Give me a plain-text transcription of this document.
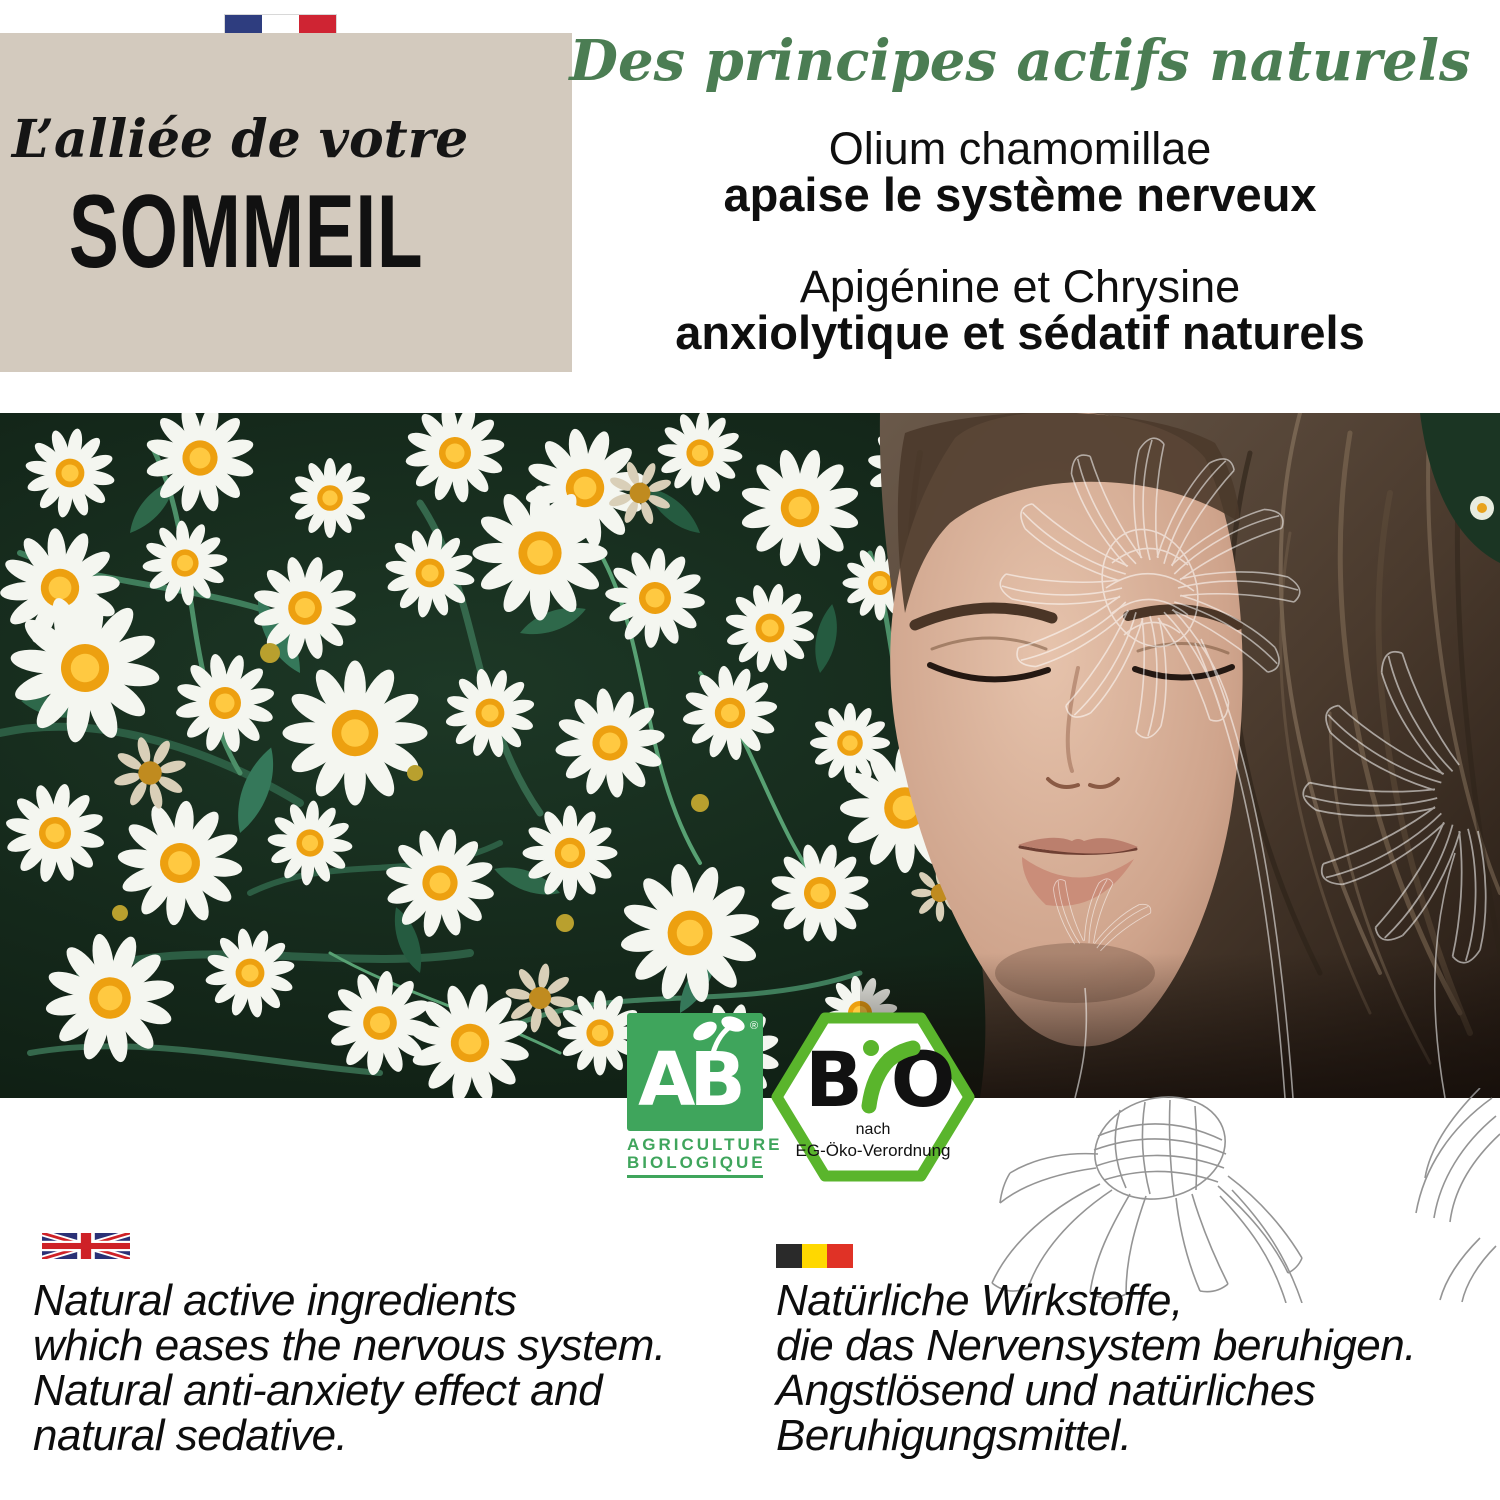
L’alliée de votre
SOMMEIL
Des principes actifs naturels
Olium chamomillae
apaise le système nerveux
Apigénine et Chrysine
anxiolytique et sédatif naturels
AB
®
AGRICULTURE
BIOLOGIQUE
B O
nach
EG-Öko-Verordnung
Natural active ingredients
which eases the nervous system.
Natural anti-anxiety effect and
natural sedative.
Natürliche Wirkstoffe,
die das Nervensystem beruhigen.
Angstlösend und natürliches
Beruhigungsmittel.
